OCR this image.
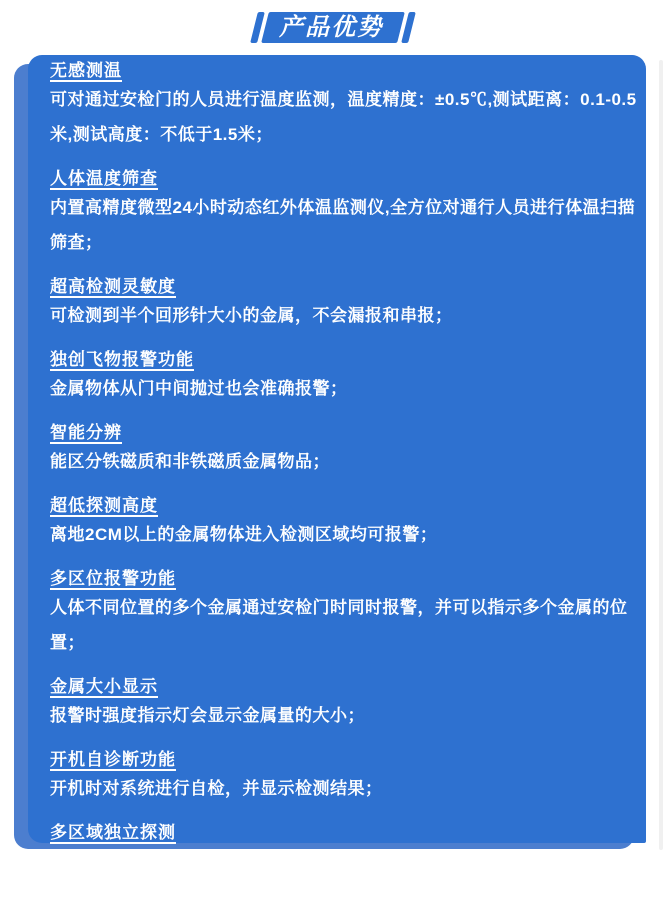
产品优势
无感测温

可对通过安检门的人员进行温度监测，温度精度：±0.5℃,测试距离：0.1-0.5米,测试高度：不低于1.5米；

人体温度筛查

内置高精度微型24小时动态红外体温监测仪,全方位对通行人员进行体温扫描筛查；

超高检测灵敏度

可检测到半个回形针大小的金属，不会漏报和串报；

独创飞物报警功能

金属物体从门中间抛过也会准确报警；

智能分辨

能区分铁磁质和非铁磁质金属物品；

超低探测高度

离地2CM以上的金属物体进入检测区域均可报警；

多区位报警功能

人体不同位置的多个金属通过安检门时同时报警，并可以指示多个金属的位置；

金属大小显示

报警时强度指示灯会显示金属量的大小；

开机自诊断功能

开机时对系统进行自检，并显示检测结果；

多区域独立探测

12个独立探测区域，每个区域1000级灵敏度等级调节；模块化组件设计：运输、维护方便快捷。
